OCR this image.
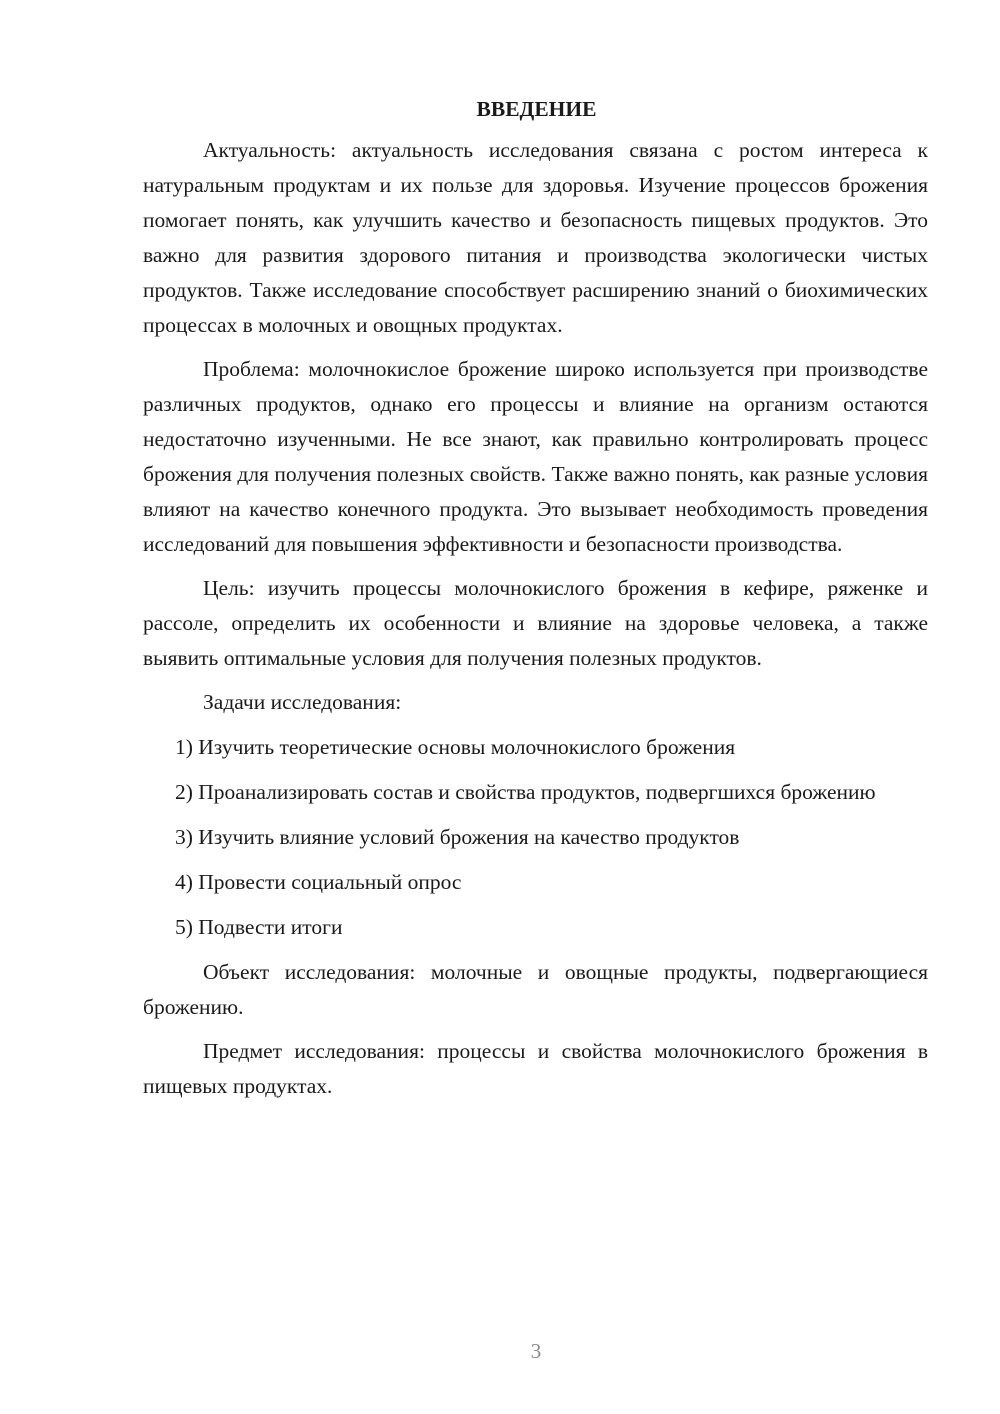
ВВЕДЕНИЕ

Актуальность: актуальность исследования связана с ростом интереса к натуральным продуктам и их пользе для здоровья. Изучение процессов брожения помогает понять, как улучшить качество и безопасность пищевых продуктов. Это важно для развития здорового питания и производства экологически чистых продуктов. Также исследование способствует расширению знаний о биохимических процессах в молочных и овощных продуктах.

Проблема: молочнокислое брожение широко используется при производстве различных продуктов, однако его процессы и влияние на организм остаются недостаточно изученными. Не все знают, как правильно контролировать процесс брожения для получения полезных свойств. Также важно понять, как разные условия влияют на качество конечного продукта. Это вызывает необходимость проведения исследований для повышения эффективности и безопасности производства.

Цель: изучить процессы молочнокислого брожения в кефире, ряженке и рассоле, определить их особенности и влияние на здоровье человека, а также выявить оптимальные условия для получения полезных продуктов.

Задачи исследования:

1) Изучить теоретические основы молочнокислого брожения

2) Проанализировать состав и свойства продуктов, подвергшихся брожению

3) Изучить влияние условий брожения на качество продуктов

4) Провести социальный опрос

5) Подвести итоги

Объект исследования: молочные и овощные продукты, подвергающиеся брожению.

Предмет исследования: процессы и свойства молочнокислого брожения в пищевых продуктах.

3
